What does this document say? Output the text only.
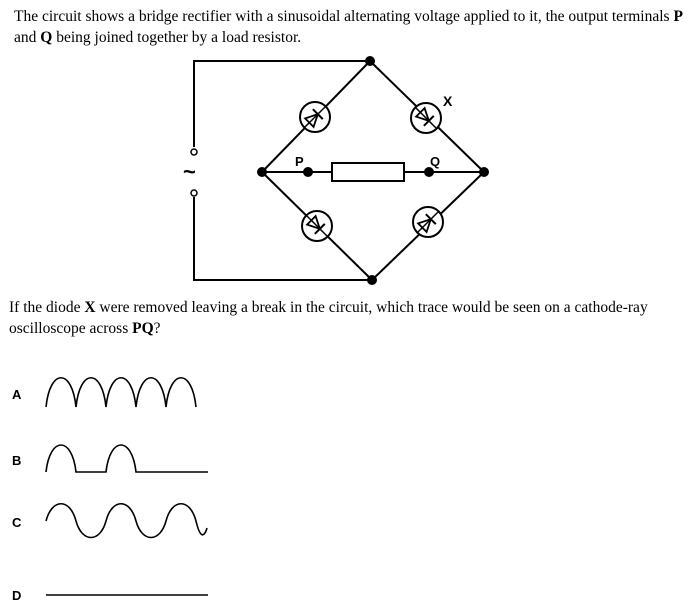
The circuit shows a bridge rectifier with a sinusoidal alternating voltage applied to it, the output terminals P and Q being joined together by a load resistor.

~	P	Q
X

If the diode X were removed leaving a break in the circuit, which trace would be seen on a cathode-ray oscilloscope across PQ?

A
B
C
D
